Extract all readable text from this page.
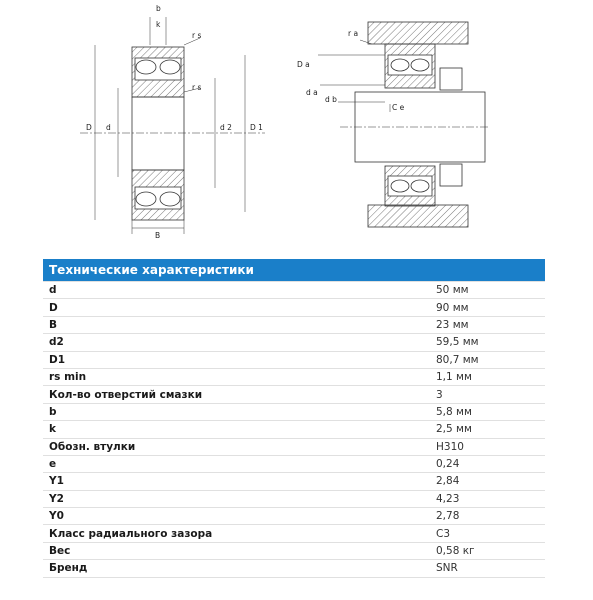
b
k
r s
r s
D d	d 2 D 1
B
r a
D a
d a
d b
C e
Технические характеристики
d	50 мм
D	90 мм
B	23 мм
d2	59,5 мм
D1	80,7 мм
rs min	1,1 мм
Кол-во отверстий смазки	3
b	5,8 мм
k	2,5 мм
Обозн. втулки	H310
e	0,24
Y1	2,84
Y2	4,23
Y0	2,78
Класс радиального зазора	C3
Вес	0,58 кг
Бренд	SNR
